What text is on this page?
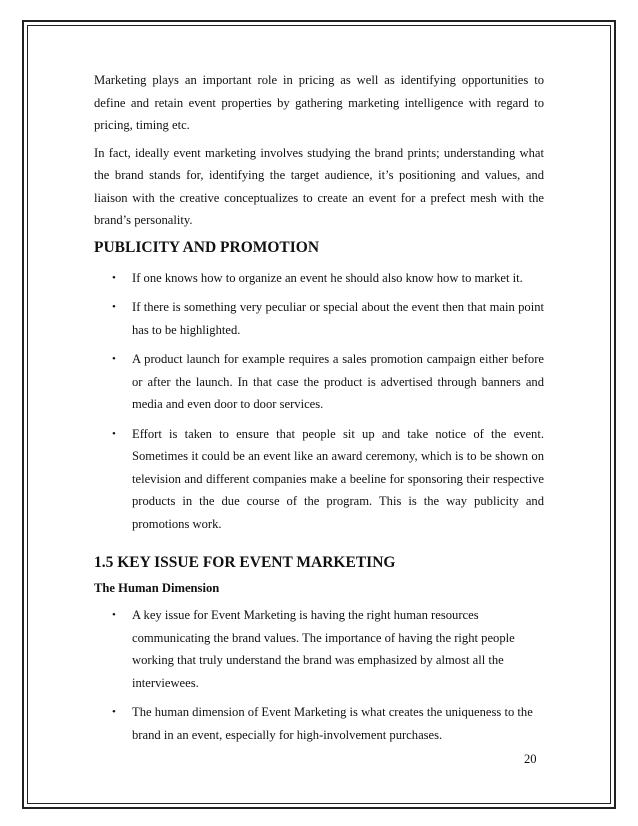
Marketing plays an important role in pricing as well as identifying opportunities to define and retain event properties by gathering marketing intelligence with regard to pricing, timing etc.

In fact, ideally event marketing involves studying the brand prints; understanding what the brand stands for, identifying the target audience, it’s positioning and values, and liaison with the creative conceptualizes to create an event for a prefect mesh with the brand’s personality.

PUBLICITY AND PROMOTION
• If one knows how to organize an event he should also know how to market it.
• If there is something very peculiar or special about the event then that main point has to be highlighted.
• A product launch for example requires a sales promotion campaign either before or after the launch. In that case the product is advertised through banners and media and even door to door services.
• Effort is taken to ensure that people sit up and take notice of the event. Sometimes it could be an event like an award ceremony, which is to be shown on television and different companies make a beeline for sponsoring their respective products in the due course of the program. This is the way publicity and promotions work.
1.5 KEY ISSUE FOR EVENT MARKETING
The Human Dimension
• A key issue for Event Marketing is having the right human resources communicating the brand values. The importance of having the right people working that truly understand the brand was emphasized by almost all the interviewees.
• The human dimension of Event Marketing is what creates the uniqueness to the brand in an event, especially for high-involvement purchases.
20
